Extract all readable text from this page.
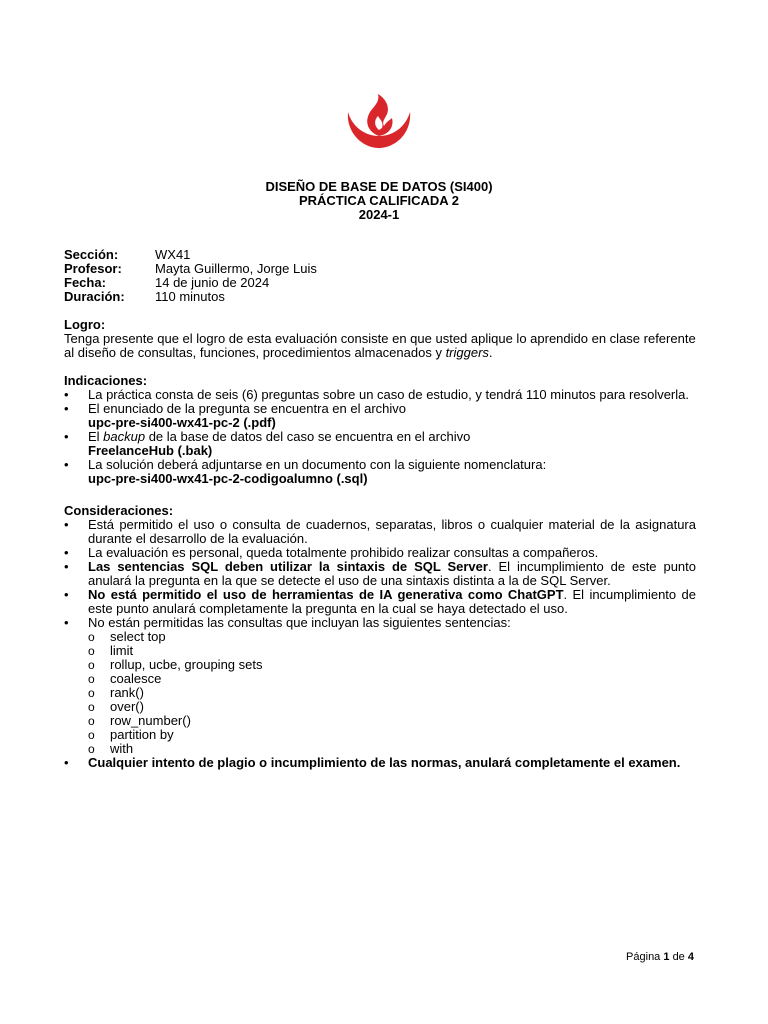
DISEÑO DE BASE DE DATOS (SI400)
PRÁCTICA CALIFICADA 2
2024-1
Sección:	WX41
Profesor:	Mayta Guillermo, Jorge Luis
Fecha:	14 de junio de 2024
Duración:	110 minutos
Logro:

Tenga presente que el logro de esta evaluación consiste en que usted aplique lo aprendido en clase referente al diseño de consultas, funciones, procedimientos almacenados y triggers.

Indicaciones:
• La práctica consta de seis (6) preguntas sobre un caso de estudio, y tendrá 110 minutos para resolverla.
• El enunciado de la pregunta se encuentra en el archivo
upc-pre-si400-wx41-pc-2 (.pdf)
• El backup de la base de datos del caso se encuentra en el archivo
FreelanceHub (.bak)
• La solución deberá adjuntarse en un documento con la siguiente nomenclatura:
upc-pre-si400-wx41-pc-2-codigoalumno (.sql)
Consideraciones:
• Está permitido el uso o consulta de cuadernos, separatas, libros o cualquier material de la asignatura durante el desarrollo de la evaluación.
• La evaluación es personal, queda totalmente prohibido realizar consultas a compañeros.
• Las sentencias SQL deben utilizar la sintaxis de SQL Server. El incumplimiento de este punto anulará la pregunta en la que se detecte el uso de una sintaxis distinta a la de SQL Server.
• No está permitido el uso de herramientas de IA generativa como ChatGPT. El incumplimiento de este punto anulará completamente la pregunta en la cual se haya detectado el uso.
• No están permitidas las consultas que incluyan las siguientes sentencias:
o select top
o limit
o rollup, ucbe, grouping sets
o coalesce
o rank()
o over()
o row_number()
o partition by
o with
• Cualquier intento de plagio o incumplimiento de las normas, anulará completamente el examen.
Página 1 de 4
